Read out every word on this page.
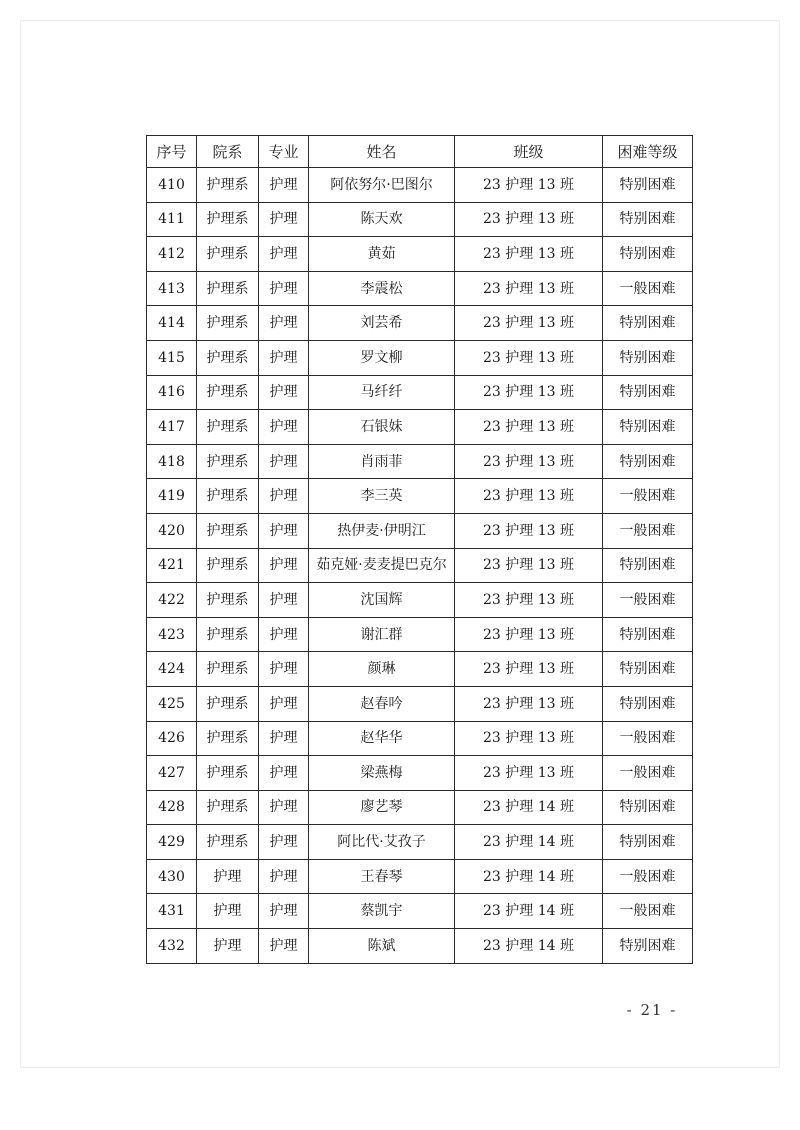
序号	院系	专业	姓名	班级	困难等级
410	护理系	护理	阿依努尔·巴图尔	23 护理 13 班	特别困难
411	护理系	护理	陈天欢	23 护理 13 班	特别困难
412	护理系	护理	黄茹	23 护理 13 班	特别困难
413	护理系	护理	李震松	23 护理 13 班	一般困难
414	护理系	护理	刘芸希	23 护理 13 班	特别困难
415	护理系	护理	罗文柳	23 护理 13 班	特别困难
416	护理系	护理	马纤纤	23 护理 13 班	特别困难
417	护理系	护理	石银妹	23 护理 13 班	特别困难
418	护理系	护理	肖雨菲	23 护理 13 班	特别困难
419	护理系	护理	李三英	23 护理 13 班	一般困难
420	护理系	护理	热伊麦·伊明江	23 护理 13 班	一般困难
421	护理系	护理	茹克娅·麦麦提巴克尔	23 护理 13 班	特别困难
422	护理系	护理	沈国辉	23 护理 13 班	一般困难
423	护理系	护理	谢汇群	23 护理 13 班	特别困难
424	护理系	护理	颜琳	23 护理 13 班	特别困难
425	护理系	护理	赵春吟	23 护理 13 班	特别困难
426	护理系	护理	赵华华	23 护理 13 班	一般困难
427	护理系	护理	梁燕梅	23 护理 13 班	一般困难
428	护理系	护理	廖艺琴	23 护理 14 班	特别困难
429	护理系	护理	阿比代·艾孜子	23 护理 14 班	特别困难
430	护理	护理	王春琴	23 护理 14 班	一般困难
431	护理	护理	蔡凯宇	23 护理 14 班	一般困难
432	护理	护理	陈斌	23 护理 14 班	特别困难
- 21 -
